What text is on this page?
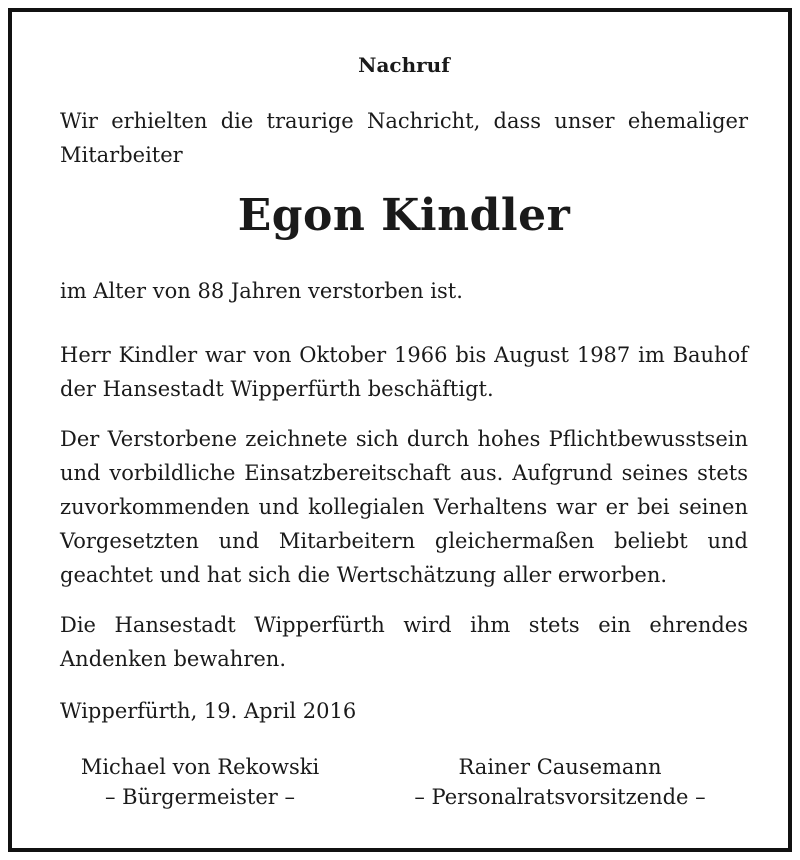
Nachruf

Wir erhielten die traurige Nachricht, dass unser ehemaliger Mitarbeiter

Egon Kindler

im Alter von 88 Jahren verstorben ist.

Herr Kindler war von Oktober 1966 bis August 1987 im Bauhof der Hansestadt Wipperfürth beschäftigt.

Der Verstorbene zeichnete sich durch hohes Pflichtbewusstsein und vorbildliche Einsatzbereitschaft aus. Aufgrund seines stets zuvorkommenden und kollegialen Verhaltens war er bei seinen Vorgesetzten und Mitarbeitern gleichermaßen beliebt und geachtet und hat sich die Wertschätzung aller erworben.

Die Hansestadt Wipperfürth wird ihm stets ein ehrendes Andenken bewahren.

Wipperfürth, 19. April 2016
Michael von Rekowski
– Bürgermeister –
Rainer Causemann
– Personalratsvorsitzende –
